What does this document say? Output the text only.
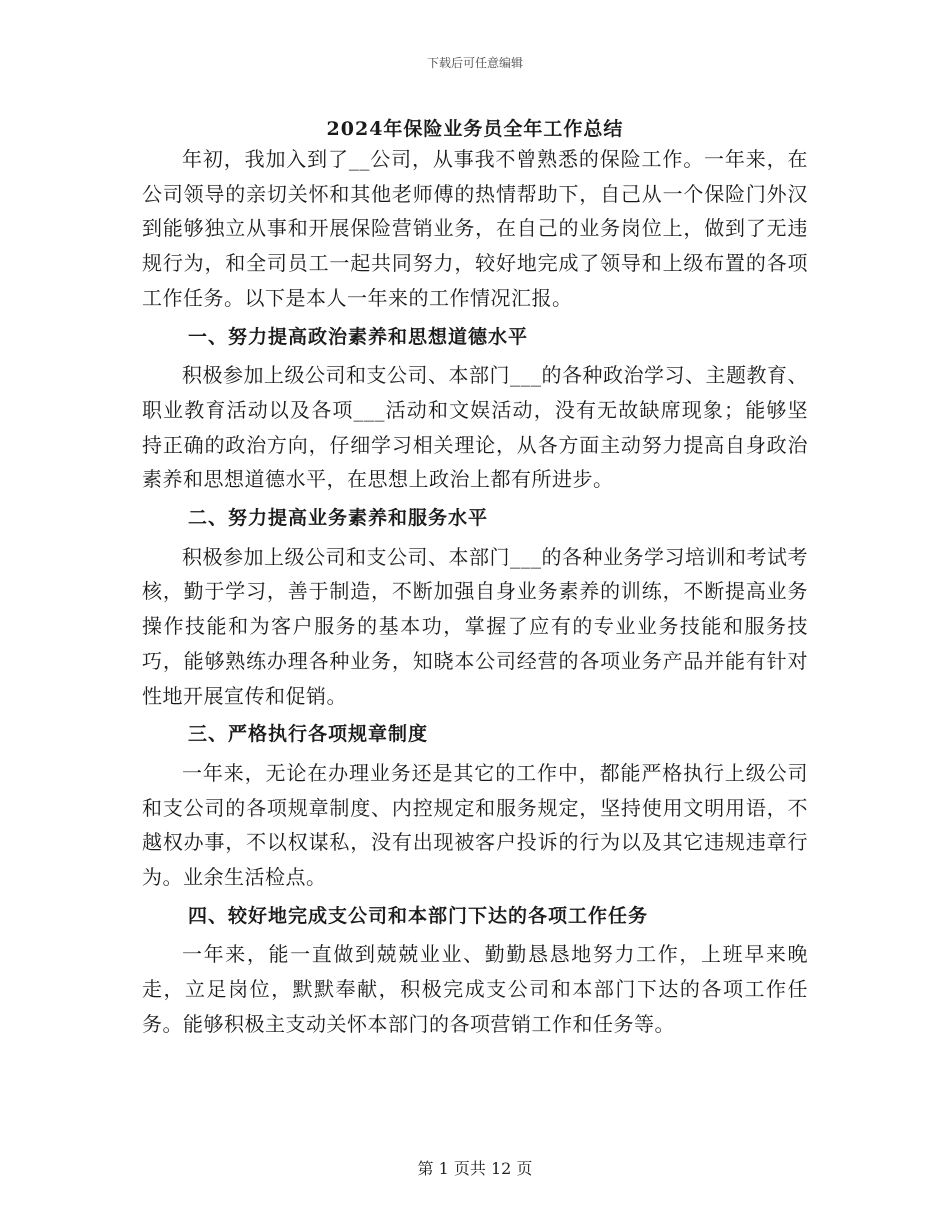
下载后可任意编辑
2024年保险业务员全年工作总结

年初，我加入到了__公司，从事我不曾熟悉的保险工作。一年来，在公司领导的亲切关怀和其他老师傅的热情帮助下，自己从一个保险门外汉到能够独立从事和开展保险营销业务，在自己的业务岗位上，做到了无违规行为，和全司员工一起共同努力，较好地完成了领导和上级布置的各项工作任务。以下是本人一年来的工作情况汇报。

一、努力提高政治素养和思想道德水平

积极参加上级公司和支公司、本部门___的各种政治学习、主题教育、职业教育活动以及各项___活动和文娱活动，没有无故缺席现象；能够坚持正确的政治方向，仔细学习相关理论，从各方面主动努力提高自身政治素养和思想道德水平，在思想上政治上都有所进步。

二、努力提高业务素养和服务水平

积极参加上级公司和支公司、本部门___的各种业务学习培训和考试考核，勤于学习，善于制造，不断加强自身业务素养的训练，不断提高业务操作技能和为客户服务的基本功，掌握了应有的专业业务技能和服务技巧，能够熟练办理各种业务，知晓本公司经营的各项业务产品并能有针对性地开展宣传和促销。

三、严格执行各项规章制度

一年来，无论在办理业务还是其它的工作中，都能严格执行上级公司和支公司的各项规章制度、内控规定和服务规定，坚持使用文明用语，不越权办事，不以权谋私，没有出现被客户投诉的行为以及其它违规违章行为。业余生活检点。

四、较好地完成支公司和本部门下达的各项工作任务

一年来，能一直做到兢兢业业、勤勤恳恳地努力工作，上班早来晚走，立足岗位，默默奉献，积极完成支公司和本部门下达的各项工作任务。能够积极主支动关怀本部门的各项营销工作和任务等。

第 1 页共 12 页
